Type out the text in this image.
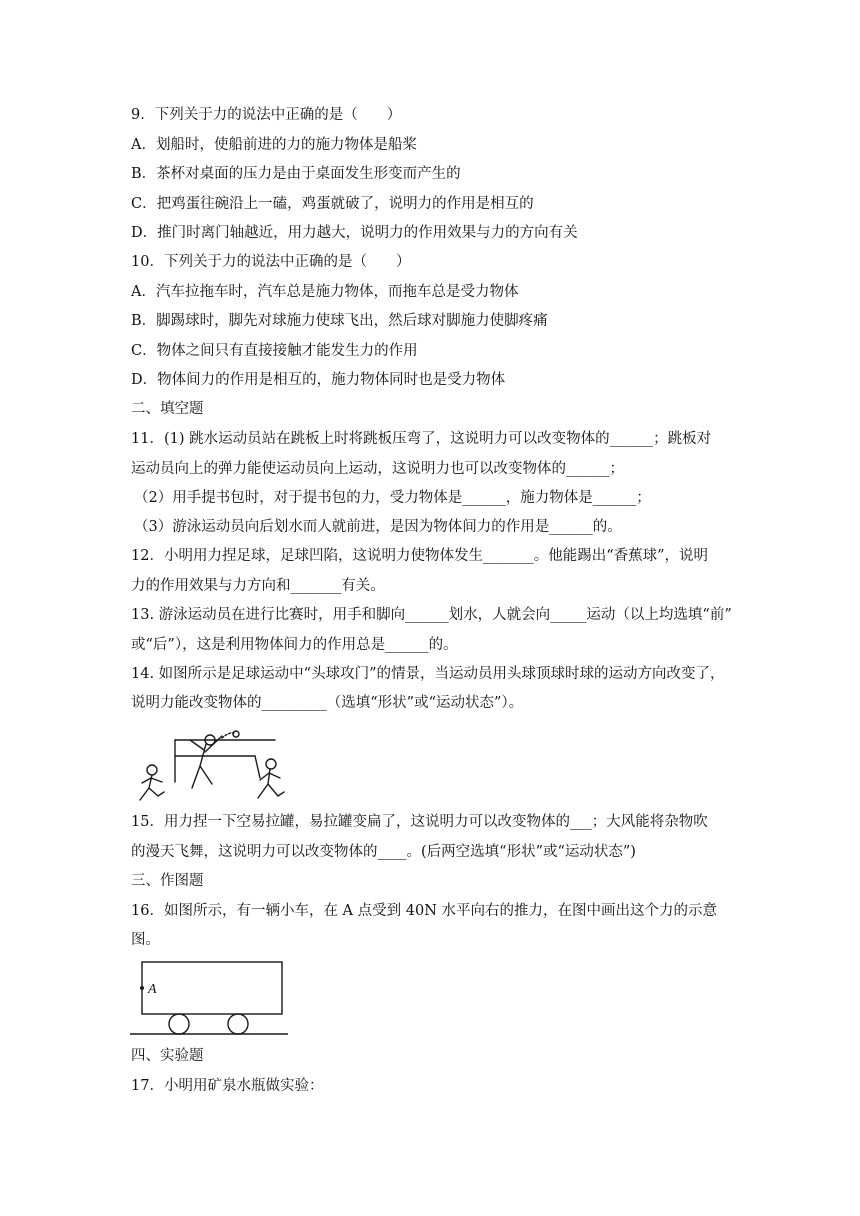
9．下列关于力的说法中正确的是（　　）
A．划船时，使船前进的力的施力物体是船桨
B．茶杯对桌面的压力是由于桌面发生形变而产生的
C．把鸡蛋往碗沿上一磕，鸡蛋就破了，说明力的作用是相互的
D．推门时离门轴越近，用力越大，说明力的作用效果与力的方向有关
10．下列关于力的说法中正确的是（　　）
A．汽车拉拖车时，汽车总是施力物体，而拖车总是受力物体
B．脚踢球时，脚先对球施力使球飞出，然后球对脚施力使脚疼痛
C．物体之间只有直接接触才能发生力的作用
D．物体间力的作用是相互的，施力物体同时也是受力物体
二、填空题
11．(1) 跳水运动员站在跳板上时将跳板压弯了，这说明力可以改变物体的______；跳板对
运动员向上的弹力能使运动员向上运动，这说明力也可以改变物体的______；
（2）用手提书包时，对于提书包的力，受力物体是______，施力物体是______；
（3）游泳运动员向后划水而人就前进，是因为物体间力的作用是______的。
12．小明用力捏足球，足球凹陷，这说明力使物体发生_______。他能踢出“香蕉球”，说明
力的作用效果与力方向和_______有关。
13. 游泳运动员在进行比赛时，用手和脚向______划水，人就会向_____运动（以上均选填“前”
或“后”），这是利用物体间力的作用总是______的。
14. 如图所示是足球运动中“头球攻门”的情景，当运动员用头球顶球时球的运动方向改变了，
说明力能改变物体的_________（选填“形状”或“运动状态”）。
15．用力捏一下空易拉罐，易拉罐变扁了，这说明力可以改变物体的___；大风能将杂物吹
的漫天飞舞，这说明力可以改变物体的____。(后两空选填“形状”或“运动状态”)
三、作图题
16．如图所示，有一辆小车，在 A 点受到 40N 水平向右的推力，在图中画出这个力的示意
图。
A
四、实验题
17．小明用矿泉水瓶做实验：
